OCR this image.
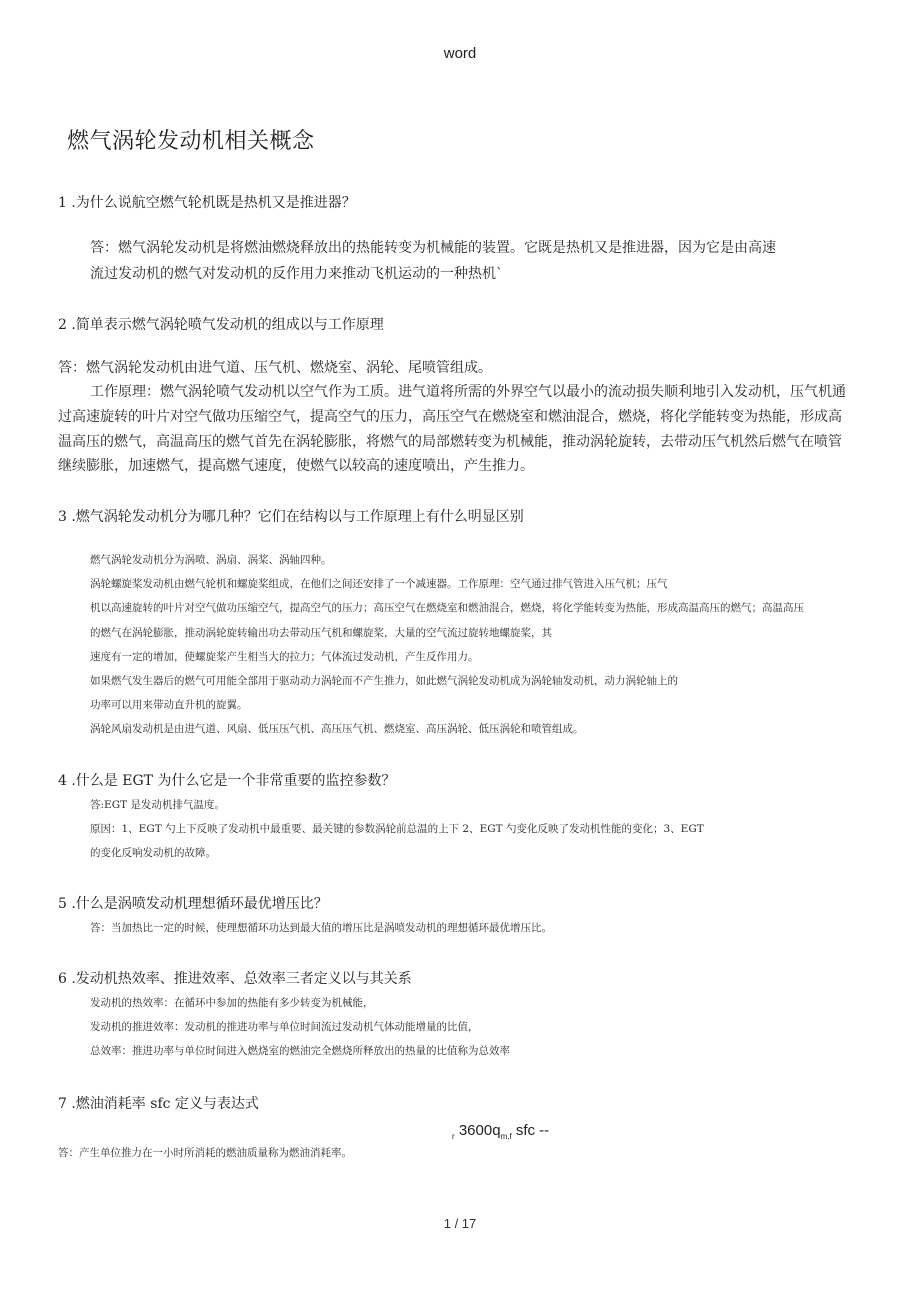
word
燃气涡轮发动机相关概念
1 .为什么说航空燃气轮机既是热机又是推进器？
答：燃气涡轮发动机是将燃油燃烧释放出的热能转变为机械能的装置。它既是热机又是推进器，因为它是由高速
流过发动机的燃气对发动机的反作用力来推动飞机运动的一种热机`
2 .简单表示燃气涡轮喷气发动机的组成以与工作原理
答：燃气涡轮发动机由进气道、压气机、燃烧室、涡轮、尾喷管组成。
工作原理：燃气涡轮喷气发动机以空气作为工质。进气道将所需的外界空气以最小的流动损失顺利地引入发动机，压气机通
过高速旋转的叶片对空气做功压缩空气，提高空气的压力，高压空气在燃烧室和燃油混合，燃烧，将化学能转变为热能，形成高
温高压的燃气，高温高压的燃气首先在涡轮膨胀，将燃气的局部燃转变为机械能，推动涡轮旋转，去带动压气机然后燃气在喷管
继续膨胀，加速燃气，提高燃气速度，使燃气以较高的速度喷出，产生推力。
3 .燃气涡轮发动机分为哪几种？它们在结构以与工作原理上有什么明显区别
燃气涡轮发动机分为涡喷、涡扇、涡桨、涡轴四种。
涡轮螺旋桨发动机由燃气轮机和螺旋桨组成，在他们之间还安排了一个减速器。工作原理：空气通过排气管进入压气机；压气
机以高速旋转的叶片对空气做功压缩空气，提高空气的压力；高压空气在燃烧室和燃油混合，燃烧，将化学能转变为热能，形成高温高压的燃气；高温高压
的燃气在涡轮膨胀，推动涡轮旋转输出功去带动压气机和螺旋桨，大量的空气流过旋转地螺旋桨，其
速度有一定的增加，使螺旋桨产生相当大的拉力；气体流过发动机，产生反作用力。
如果燃气发生器后的燃气可用能全部用于驱动动力涡轮而不产生推力，如此燃气涡轮发动机成为涡轮轴发动机，动力涡轮轴上的
功率可以用来带动直升机的旋翼。
涡轮风扇发动机是由进气道、风扇、低压压气机、高压压气机、燃烧室、高压涡轮、低压涡轮和喷管组成。
4 .什么是 EGT 为什么它是一个非常重要的监控参数？
答:EGT 是发动机排气温度。
原因：1、EGT 勺上下反映了发动机中最重要、最关键的参数涡轮前总温的上下 2、EGT 勺变化反映了发动机性能的变化；3、EGT
的变化反响发动机的故障。
5 .什么是涡喷发动机理想循环最优增压比？
答：当加热比一定的时候，使理想循环功达到最大值的增压比是涡喷发动机的理想循环最优增压比。
6 .发动机热效率、推进效率、总效率三者定义以与其关系
发动机的热效率：在循环中参加的热能有多少转变为机械能，
发动机的推进效率：发动机的推进功率与单位时间流过发动机气体动能增量的比值，
总效率：推进功率与单位时间进入燃烧室的燃油完全燃烧所释放出的热量的比值称为总效率
7 .燃油消耗率 sfc 定义与表达式
$_r$ $3600q_{m,f}$ sfc --
答：产生单位推力在一小时所消耗的燃油质量称为燃油消耗率。
1 / 17
